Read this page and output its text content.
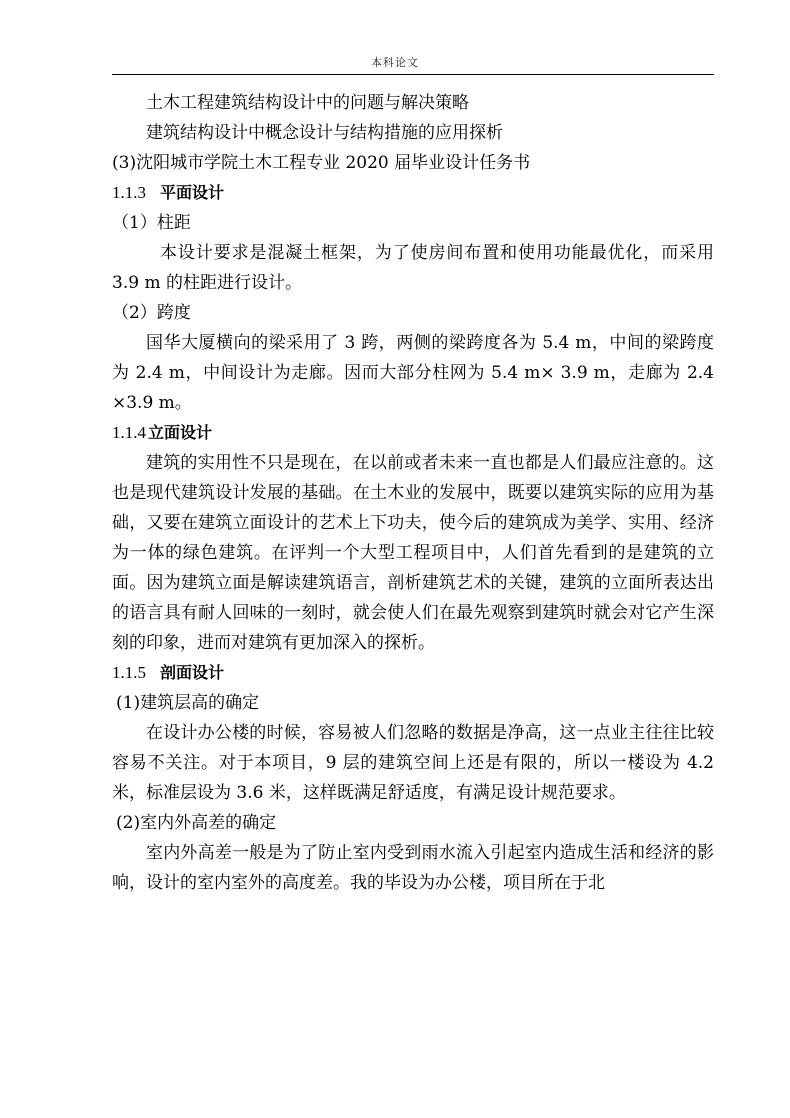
本科论文

土木工程建筑结构设计中的问题与解决策略

建筑结构设计中概念设计与结构措施的应用探析

(3)沈阳城市学院土木工程专业 2020 届毕业设计任务书

1.1.3 平面设计

（1）柱距

本设计要求是混凝土框架，为了使房间布置和使用功能最优化，而采用 3.9 m 的柱距进行设计。

（2）跨度

国华大厦横向的梁采用了 3 跨，两侧的梁跨度各为 5.4 m，中间的梁跨度为 2.4 m，中间设计为走廊。因而大部分柱网为 5.4 m× 3.9 m，走廊为 2.4 ×3.9 m。

1.1.4 立面设计

建筑的实用性不只是现在，在以前或者未来一直也都是人们最应注意的。这也是现代建筑设计发展的基础。在土木业的发展中，既要以建筑实际的应用为基础，又要在建筑立面设计的艺术上下功夫，使今后的建筑成为美学、实用、经济为一体的绿色建筑。在评判一个大型工程项目中，人们首先看到的是建筑的立面。因为建筑立面是解读建筑语言，剖析建筑艺术的关键，建筑的立面所表达出的语言具有耐人回味的一刻时，就会使人们在最先观察到建筑时就会对它产生深刻的印象，进而对建筑有更加深入的探析。

1.1.5 剖面设计

(1)建筑层高的确定

在设计办公楼的时候，容易被人们忽略的数据是净高，这一点业主往往比较容易不关注。对于本项目，9 层的建筑空间上还是有限的，所以一楼设为 4.2 米，标准层设为 3.6 米，这样既满足舒适度，有满足设计规范要求。

(2)室内外高差的确定

室内外高差一般是为了防止室内受到雨水流入引起室内造成生活和经济的影响，设计的室内室外的高度差。我的毕设为办公楼，项目所在于北
